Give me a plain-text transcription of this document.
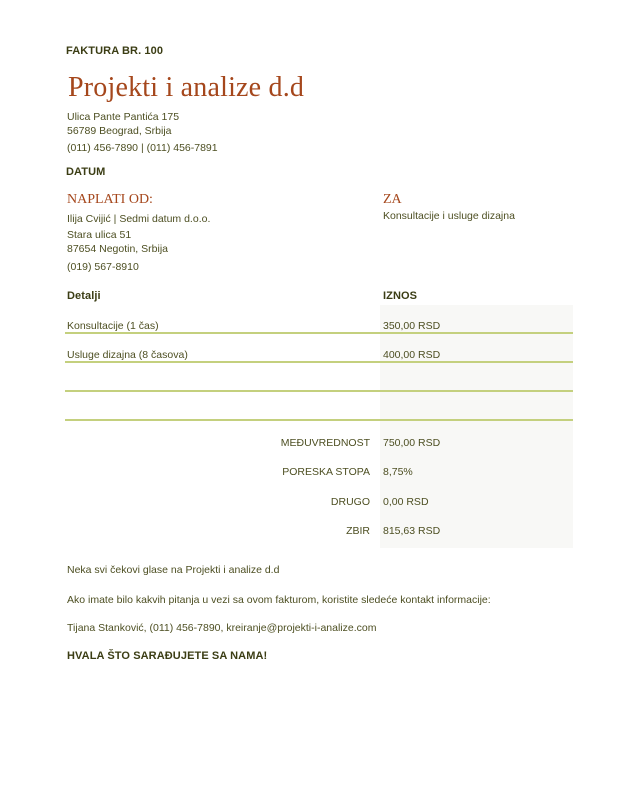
FAKTURA BR. 100
Projekti i analize d.d
Ulica Pante Pantića 175
56789 Beograd, Srbija
(011) 456-7890 | (011) 456-7891
DATUM
NAPLATI OD:
Ilija Cvijić | Sedmi datum d.o.o.
Stara ulica 51
87654 Negotin, Srbija
(019) 567-8910
ZA
Konsultacije i usluge dizajna
Detalji	IZNOS
Konsultacije (1 čas)	350,00 RSD
Usluge dizajna (8 časova)	400,00 RSD
MEĐUVREDNOST 750,00 RSD
PORESKA STOPA 8,75%
DRUGO 0,00 RSD
ZBIR 815,63 RSD
Neka svi čekovi glase na Projekti i analize d.d
Ako imate bilo kakvih pitanja u vezi sa ovom fakturom, koristite sledeće kontakt informacije:
Tijana Stanković, (011) 456-7890, kreiranje@projekti-i-analize.com
HVALA ŠTO SARAĐUJETE SA NAMA!
